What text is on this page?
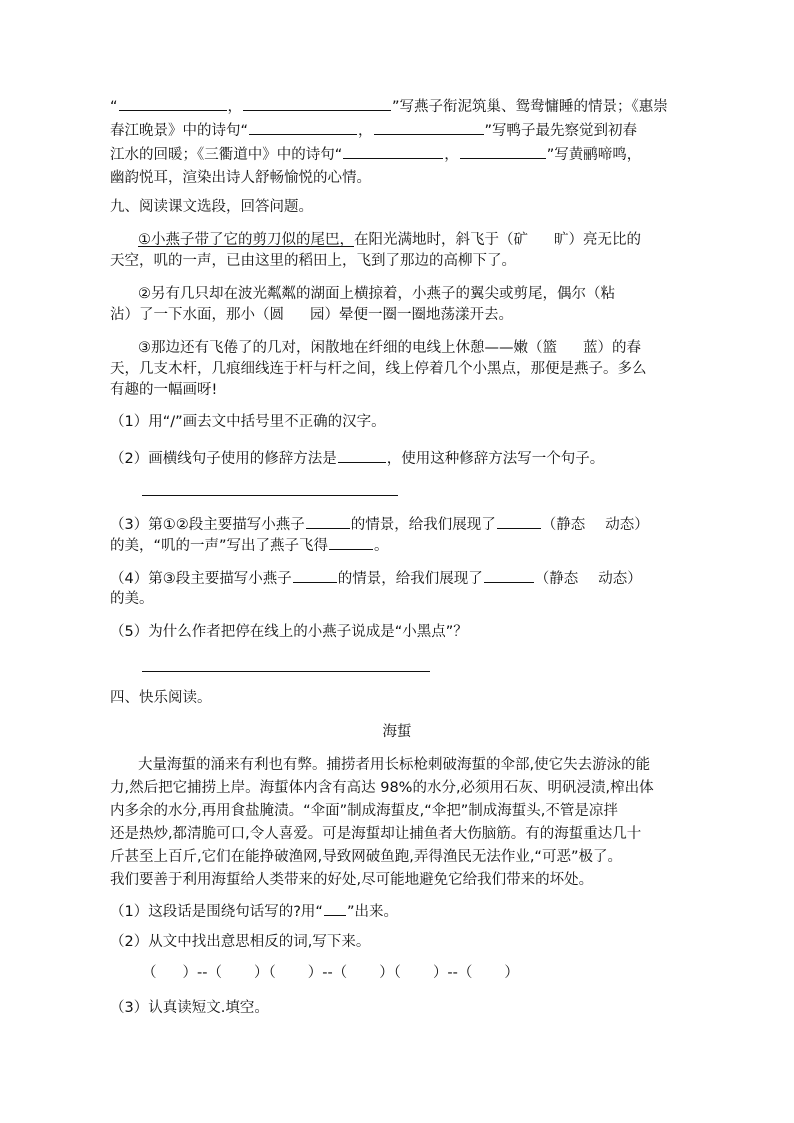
“	，	”写燕子衔泥筑巢、鸳鸯慵睡的情景；《惠崇
春江晚景》中的诗句“	，	”写鸭子最先察觉到初春
江水的回暖；《三衢道中》中的诗句“	，	”写黄鹂啼鸣，
幽韵悦耳，渲染出诗人舒畅愉悦的心情。
九、阅读课文选段，回答问题。
①小燕子带了它的剪刀似的尾巴，在阳光满地时，斜飞于（矿 旷）亮无比的
天空，叽的一声，已由这里的稻田上，飞到了那边的高柳下了。
②另有几只却在波光粼粼的湖面上横掠着，小燕子的翼尖或剪尾，偶尔（粘
沾）了一下水面，那小（圆 园）晕便一圈一圈地荡漾开去。
③那边还有飞倦了的几对，闲散地在纤细的电线上休憩——嫩（篮 蓝）的春
天，几支木杆，几痕细线连于杆与杆之间，线上停着几个小黑点，那便是燕子。多么
有趣的一幅画呀!
（1）用“/”画去文中括号里不正确的汉字。
（2）画横线句子使用的修辞方法是	，使用这种修辞方法写一个句子。
（3）第①②段主要描写小燕子	的情景，给我们展现了	（静态 动态）
的美，“叽的一声”写出了燕子飞得	。
（4）第③段主要描写小燕子	的情景，给我们展现了	（静态 动态）
的美。
（5）为什么作者把停在线上的小燕子说成是“小黑点”？
四、快乐阅读。
海蜇
大量海蜇的涌来有利也有弊。捕捞者用长标枪刺破海蜇的伞部,使它失去游泳的能
力,然后把它捕捞上岸。海蜇体内含有高达 98%的水分,必须用石灰、明矾浸渍,榨出体
内多余的水分,再用食盐腌渍。“伞面”制成海蜇皮,“伞把”制成海蜇头,不管是凉拌
还是热炒,都清脆可口,令人喜爱。可是海蜇却让捕鱼者大伤脑筋。有的海蜇重达几十
斤甚至上百斤,它们在能挣破渔网,导致网破鱼跑,弄得渔民无法作业,“可恶”极了。
我们要善于利用海蜇给人类带来的好处,尽可能地避免它给我们带来的坏处。
（1）这段话是围绕句话写的?用“ ”出来。
（2）从文中找出意思相反的词,写下来。
（ ）--（ ）（ ）--（ ）（ ）--（ ）
（3）认真读短文.填空。
